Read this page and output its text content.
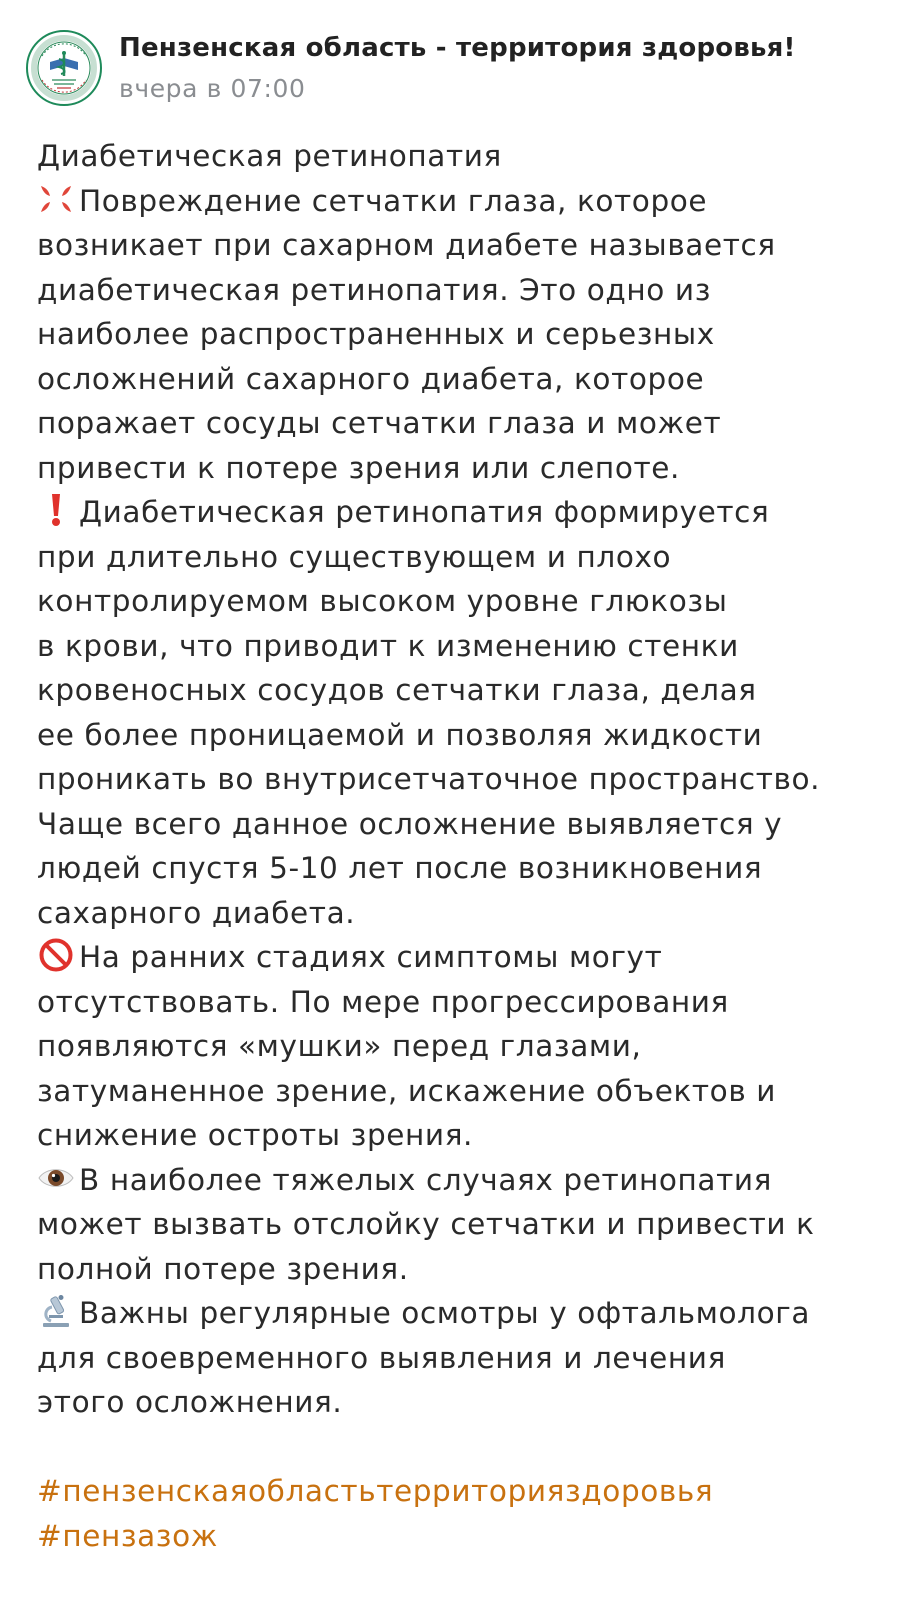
Пензенская область - территория здоровья!
вчера в 07:00
Диабетическая ретинопатия
Повреждение сетчатки глаза, которое
возникает при сахарном диабете называется
диабетическая ретинопатия. Это одно из
наиболее распространенных и серьезных
осложнений сахарного диабета, которое
поражает сосуды сетчатки глаза и может
привести к потере зрения или слепоте.
Диабетическая ретинопатия формируется
при длительно существующем и плохо
контролируемом высоком уровне глюкозы
в крови, что приводит к изменению стенки
кровеносных сосудов сетчатки глаза, делая
ее более проницаемой и позволяя жидкости
проникать во внутрисетчаточное пространство.
Чаще всего данное осложнение выявляется у
людей спустя 5-10 лет после возникновения
сахарного диабета.
На ранних стадиях симптомы могут
отсутствовать. По мере прогрессирования
появляются «мушки» перед глазами,
затуманенное зрение, искажение объектов и
снижение остроты зрения.
В наиболее тяжелых случаях ретинопатия
может вызвать отслойку сетчатки и привести к
полной потере зрения.
Важны регулярные осмотры у офтальмолога
для своевременного выявления и лечения
этого осложнения.
#пензенскаяобластьтерриторияздоровья
#пензазож
